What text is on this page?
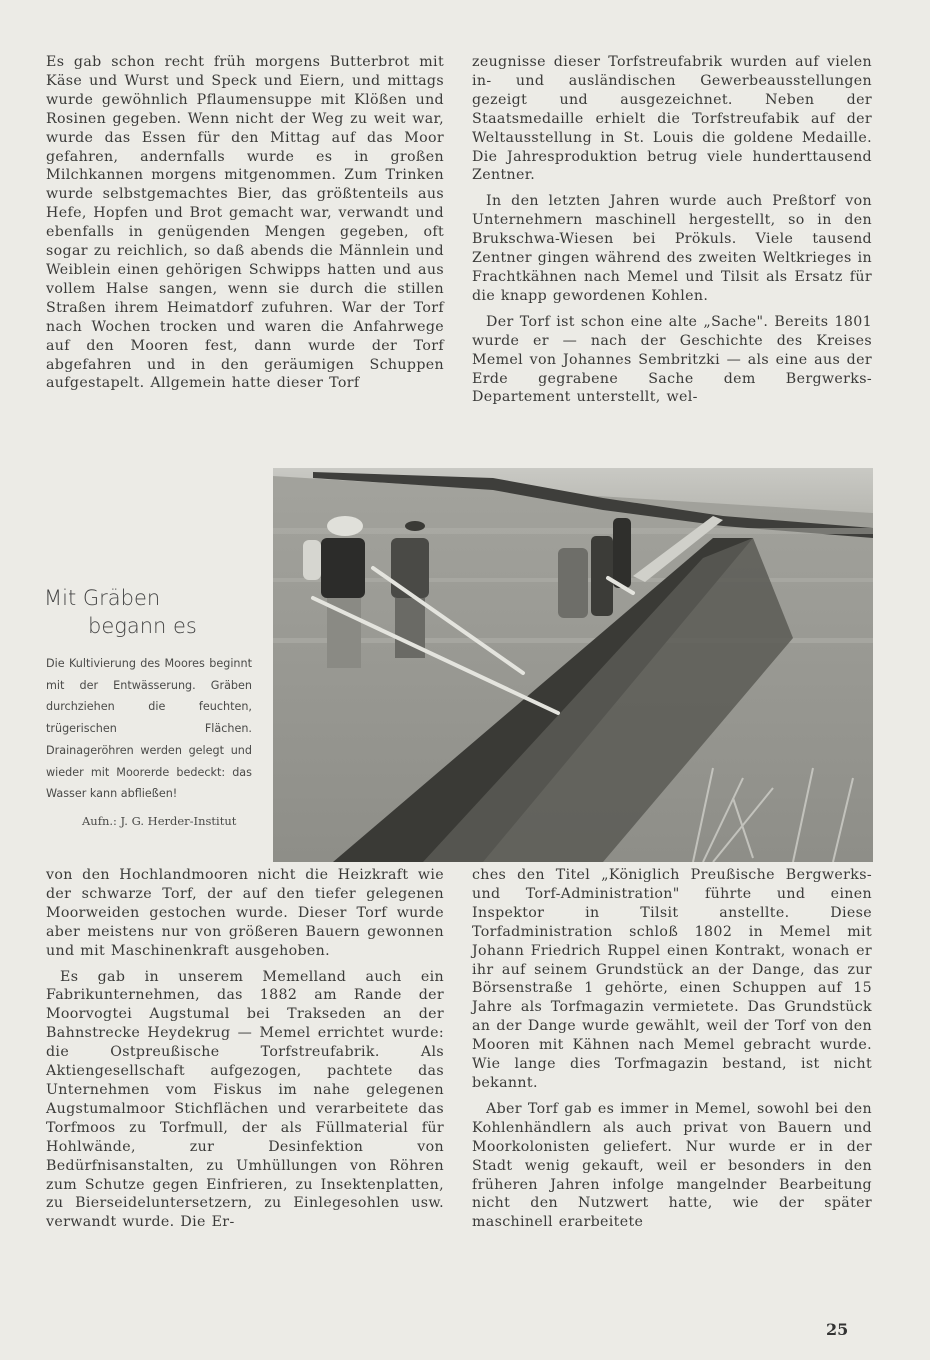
Es gab schon recht früh morgens Butterbrot mit Käse und Wurst und Speck und Eiern, und mittags wurde gewöhnlich Pflaumensuppe mit Klößen und Rosinen gegeben. Wenn nicht der Weg zu weit war, wurde das Essen für den Mittag auf das Moor gefahren, andernfalls wurde es in großen Milchkannen morgens mitgenommen. Zum Trinken wurde selbstgemachtes Bier, das größtenteils aus Hefe, Hopfen und Brot gemacht war, verwandt und ebenfalls in genügenden Mengen gegeben, oft sogar zu reichlich, so daß abends die Männlein und Weiblein einen gehörigen Schwipps hatten und aus vollem Halse sangen, wenn sie durch die stillen Straßen ihrem Heimatdorf zufuhren. War der Torf nach Wochen trocken und waren die Anfahrwege auf den Mooren fest, dann wurde der Torf abgefahren und in den geräumigen Schuppen aufgestapelt. Allgemein hatte dieser Torf

zeugnisse dieser Torfstreufabrik wurden auf vielen in- und ausländischen Gewerbeausstellungen gezeigt und ausgezeichnet. Neben der Staatsmedaille erhielt die Torfstreufabik auf der Weltausstellung in St. Louis die goldene Medaille. Die Jahresproduktion betrug viele hunderttausend Zentner.

In den letzten Jahren wurde auch Preßtorf von Unternehmern maschinell hergestellt, so in den Brukschwa-Wiesen bei Prökuls. Viele tausend Zentner gingen während des zweiten Weltkrieges in Frachtkähnen nach Memel und Tilsit als Ersatz für die knapp gewordenen Kohlen.

Der Torf ist schon eine alte „Sache". Bereits 1801 wurde er — nach der Geschichte des Kreises Memel von Johannes Sembritzki — als eine aus der Erde gegrabene Sache dem Bergwerks-Departement unterstellt, wel-

Mit Gräben
begann es
Die Kultivierung des Moores beginnt mit der Entwässerung. Gräben durchziehen die feuchten, trügerischen Flächen. Drainageröhren werden gelegt und wieder mit Moorerde bedeckt: das Wasser kann abfließen!
Aufn.: J. G. Herder-Institut

von den Hochlandmooren nicht die Heizkraft wie der schwarze Torf, der auf den tiefer gelegenen Moorweiden gestochen wurde. Dieser Torf wurde aber meistens nur von größeren Bauern gewonnen und mit Maschinenkraft ausgehoben.

Es gab in unserem Memelland auch ein Fabrikunternehmen, das 1882 am Rande der Moorvogtei Augstumal bei Trakseden an der Bahnstrecke Heydekrug — Memel errichtet wurde: die Ostpreußische Torfstreufabrik. Als Aktiengesellschaft aufgezogen, pachtete das Unternehmen vom Fiskus im nahe gelegenen Augstumalmoor Stichflächen und verarbeitete das Torfmoos zu Torfmull, der als Füllmaterial für Hohlwände, zur Desinfektion von Bedürfnisanstalten, zu Umhüllungen von Röhren zum Schutze gegen Einfrieren, zu Insektenplatten, zu Bierseideluntersetzern, zu Einlegesohlen usw. verwandt wurde. Die Er-

ches den Titel „Königlich Preußische Bergwerks- und Torf-Administration" führte und einen Inspektor in Tilsit anstellte. Diese Torfadministration schloß 1802 in Memel mit Johann Friedrich Ruppel einen Kontrakt, wonach er ihr auf seinem Grundstück an der Dange, das zur Börsenstraße 1 gehörte, einen Schuppen auf 15 Jahre als Torfmagazin vermietete. Das Grundstück an der Dange wurde gewählt, weil der Torf von den Mooren mit Kähnen nach Memel gebracht wurde. Wie lange dies Torfmagazin bestand, ist nicht bekannt.

Aber Torf gab es immer in Memel, sowohl bei den Kohlenhändlern als auch privat von Bauern und Moorkolonisten geliefert. Nur wurde er in der Stadt wenig gekauft, weil er besonders in den früheren Jahren infolge mangelnder Bearbeitung nicht den Nutzwert hatte, wie der später maschinell erarbeitete

25
